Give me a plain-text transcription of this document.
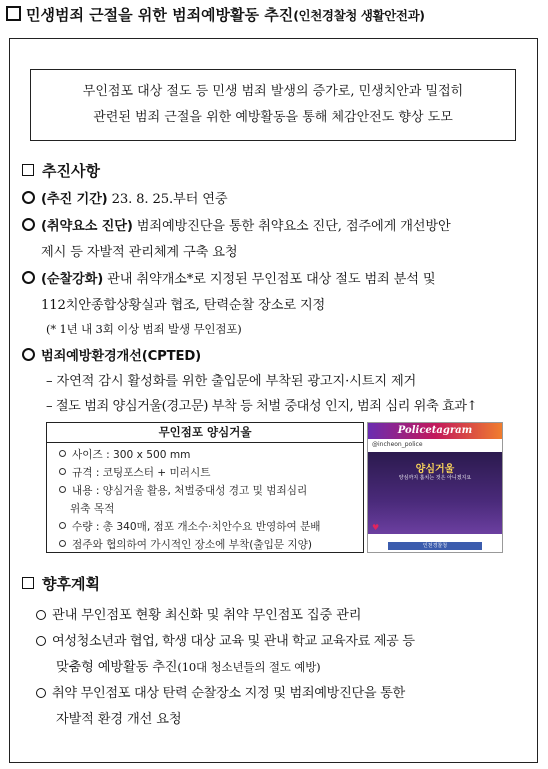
민생범죄 근절을 위한 범죄예방활동 추진(인천경찰청 생활안전과)
무인점포 대상 절도 등 민생 범죄 발생의 증가로, 민생치안과 밀접히
관련된 범죄 근절을 위한 예방활동을 통해 체감안전도 향상 도모
추진사항
(추진 기간) 23. 8. 25.부터 연중
(취약요소 진단) 범죄예방진단을 통한 취약요소 진단, 점주에게 개선방안
제시 등 자발적 관리체계 구축 요청
(순찰강화) 관내 취약개소*로 지정된 무인점포 대상 절도 범죄 분석 및
112치안종합상황실과 협조, 탄력순찰 장소로 지정
(* 1년 내 3회 이상 범죄 발생 무인점포)
범죄예방환경개선(CPTED)
– 자연적 감시 활성화를 위한 출입문에 부착된 광고지·시트지 제거
– 절도 범죄 양심거울(경고문) 부착 등 처벌 중대성 인지, 범죄 심리 위축 효과↑
무인점포 양심거울
사이즈 : 300 x 500 mm
규격 : 코팅포스터 + 미러시트
내용 : 양심거울 활용, 처벌중대성 경고 및 범죄심리
위축 목적
수량 : 총 340매, 점포 개소수·치안수요 반영하여 분배
점주와 협의하여 가시적인 장소에 부착(출입문 지양)
Policetagram
@incheon_police
양심거울
양심까지 훔치는 것은 아니겠지요
♥
인천경찰청
향후계획
관내 무인점포 현황 최신화 및 취약 무인점포 집중 관리
여성청소년과 협업, 학생 대상 교육 및 관내 학교 교육자료 제공 등
맞춤형 예방활동 추진(10대 청소년들의 절도 예방)
취약 무인점포 대상 탄력 순찰장소 지정 및 범죄예방진단을 통한
자발적 환경 개선 요청
